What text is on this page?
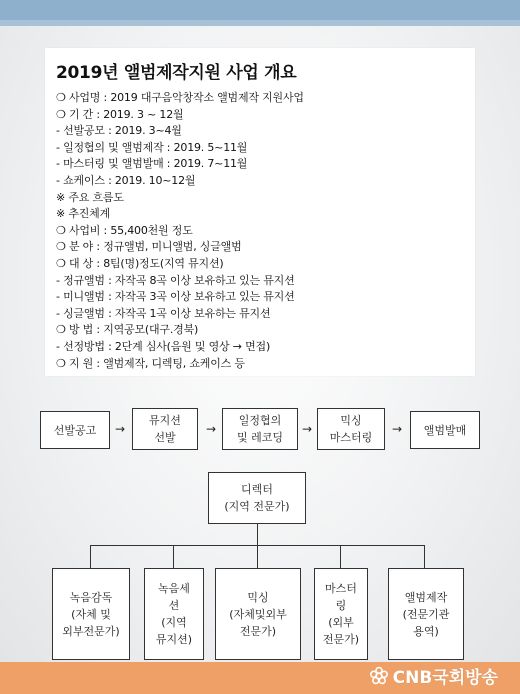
2019년 앨범제작지원 사업 개요
❍ 사업명 : 2019 대구음악창작소 앨범제작 지원사업
❍ 기 간 : 2019. 3 ~ 12월
- 선발공모 : 2019. 3~4월
- 일정협의 및 앨범제작 : 2019. 5~11월
- 마스터링 및 앨범발매 : 2019. 7~11월
- 쇼케이스 : 2019. 10~12월
※ 주요 흐름도
※ 추진체계
❍ 사업비 : 55,400천원 정도
❍ 분 야 : 정규앨범, 미니앨범, 싱글앨범
❍ 대 상 : 8팀(명)정도(지역 뮤지션)
- 정규앨범 : 자작곡 8곡 이상 보유하고 있는 뮤지션
- 미니앨범 : 자작곡 3곡 이상 보유하고 있는 뮤지션
- 싱글앨범 : 자작곡 1곡 이상 보유하는 뮤지션
❍ 방 법 : 지역공모(대구.경북)
- 선정방법 : 2단계 심사(음원 및 영상 → 면접)
❍ 지 원 : 앨범제작, 디렉팅, 쇼케이스 등
선발공고	→
뮤지션
선발
→
일정협의
및 레코딩
→
믹싱
마스터링
→	앨범발매
디렉터
(지역 전문가)
녹음감독
(자체 및
외부전문가)
녹음세
션
(지역
뮤지션)
믹싱
(자체및외부
전문가)
마스터
링
(외부
전문가)
앨범제작
(전문기관
용역)
CNB국회방송
